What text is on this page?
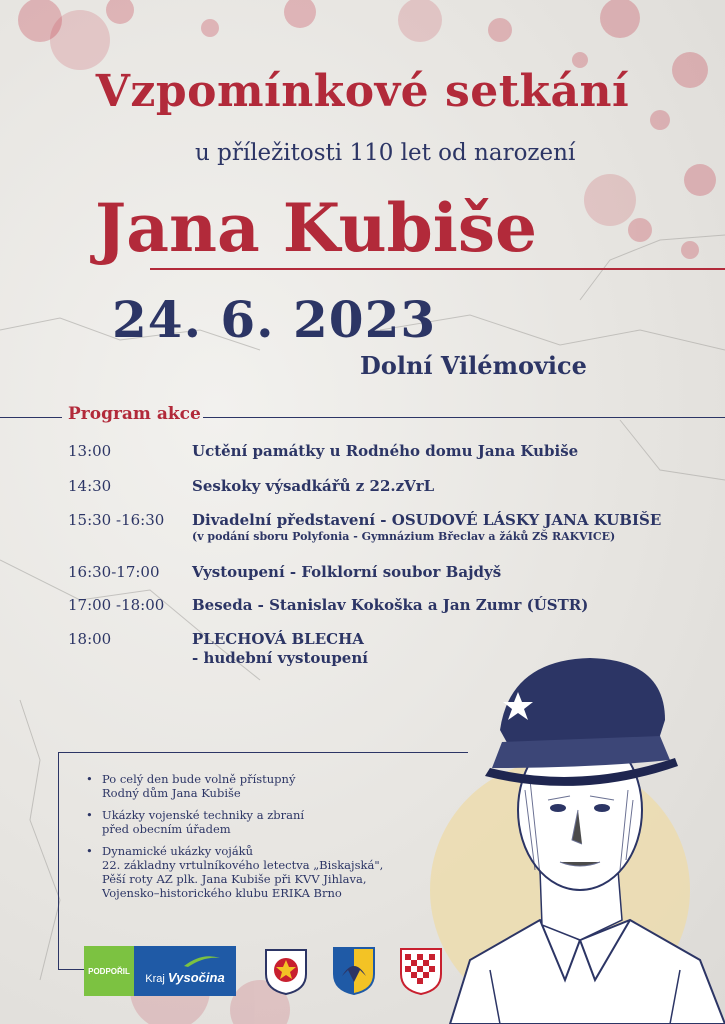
Vzpomínkové setkání
u příležitosti 110 let od narození
Jana Kubiše
24. 6. 2023
Dolní Vilémovice
Program akce
13:00	Uctění památky u Rodného domu Jana Kubiše
14:30	Seskoky výsadkářů z 22.zVrL
15:30 -16:30 Divadelní představení - OSUDOVÉ LÁSKY JANA KUBIŠE
(v podání sboru Polyfonia - Gymnázium Břeclav a žáků ZŠ RAKVICE)
16:30-17:00 Vystoupení - Folklorní soubor Bajdyš
17:00 -18:00 Beseda - Stanislav Kokoška a Jan Zumr (ÚSTR)
18:00	PLECHOVÁ BLECHA
- hudební vystoupení
• Po celý den bude volně přístupný
Rodný dům Jana Kubiše
• Ukázky vojenské techniky a zbraní
před obecním úřadem
• Dynamické ukázky vojáků
22. základny vrtulníkového letectva „Biskajská",
Pěší roty AZ plk. Jana Kubiše při KVV Jihlava,
Vojensko–historického klubu ERIKA Brno
PODPOŘIL
Kraj Vysočina
